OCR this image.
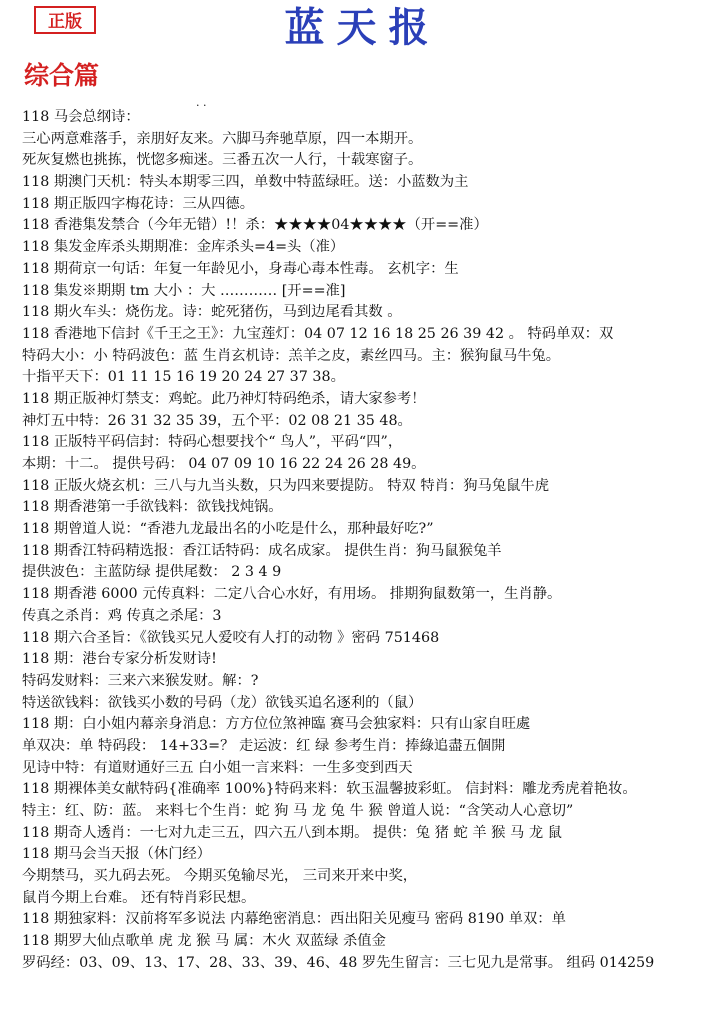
正版	蓝天报
综合篇
. .
118 马会总纲诗：
三心两意难落手，亲朋好友来。六脚马奔驰草原，四一本期开。
死灰复燃也挑拣，恍惚多痴迷。三番五次一人行，十载寒窗子。
118 期澳门天机：特头本期零三四，单数中特蓝绿旺。送：小蓝数为主
118 期正版四字梅花诗：三从四德。
118 香港集发禁合（今年无错）!！杀：★★★★04★★★★（开==准）
118 集发金库杀头期期准：金库杀头=4=头（准）
118 期荷京一句话：年复一年龄见小，身毒心毒本性毒。 玄机字：生
118 集发※期期 tm 大小 ：大 ………… [开==准]
118 期火车头：烧伤龙。诗：蛇死猪伤，马到边尾看其数 。
118 香港地下信封《千王之王》：九宝莲灯：04 07 12 16 18 25 26 39 42 。 特码单双：双
特码大小：小 特码波色：蓝 生肖玄机诗：羔羊之皮，素丝四马。主：猴狗鼠马牛兔。
十指平天下：01 11 15 16 19 20 24 27 37 38。
118 期正版神灯禁支：鸡蛇。此乃神灯特码绝杀，请大家参考！
神灯五中特：26 31 32 35 39，五个平：02 08 21 35 48。
118 正版特平码信封：特码心想要找个“ 鸟人”，平码“四”，
本期：十二。 提供号码： 04 07 09 10 16 22 24 26 28 49。
118 正版火烧玄机：三八与九当头数，只为四来要提防。 特双 特肖：狗马兔鼠牛虎
118 期香港第一手欲钱料：欲钱找炖锅。
118 期曾道人说：“香港九龙最出名的小吃是什么，那种最好吃?”
118 期香江特码精选报：香江话特码：成名成家。 提供生肖：狗马鼠猴兔羊
提供波色：主蓝防绿 提供尾数： 2 3 4 9
118 期香港 6000 元传真料：二定八合心水好，有用场。 排期狗鼠数第一，生肖静。
传真之杀肖：鸡 传真之杀尾：3
118 期六合圣旨：《欲钱买兄人爱咬有人打的动物 》密码 751468
118 期：港台专家分析发财诗!
特码发财料：三来六来猴发财。解：?
特送欲钱料：欲钱买小数的号码（龙）欲钱买追名逐利的（鼠）
118 期：白小姐内幕亲身消息：方方位位煞神臨 赛马会独家料：只有山家自旺處
单双决：单 特码段： 14+33=？ 走运波：红 绿 参考生肖：捧綠追盡五個開
见诗中特：有道财通好三五 白小姐一言来料：一生多变到西天
118 期裸体美女献特码{准确率 100%}特码来料：软玉温馨披彩虹。 信封料：雕龙秀虎着艳妆。
特主：红、防：蓝。 来料七个生肖：蛇 狗 马 龙 兔 牛 猴 曾道人说：“含笑动人心意切”
118 期奇人透肖：一七对九走三五，四六五八到本期。 提供：兔 猪 蛇 羊 猴 马 龙 鼠
118 期马会当天报（休门经）
今期禁马，买九码去死。 今期买兔输尽光， 三司来开来中奖，
鼠肖今期上台难。 还有特肖彩民想。
118 期独家料：汉前将军多说法 内幕绝密消息：西出阳关见瘦马 密码 8190 单双：单
118 期罗大仙点歌单 虎 龙 猴 马 属：木火 双蓝绿 杀值金
罗码经：03、09、13、17、28、33、39、46、48 罗先生留言：三七见九是常事。 组码 014259
